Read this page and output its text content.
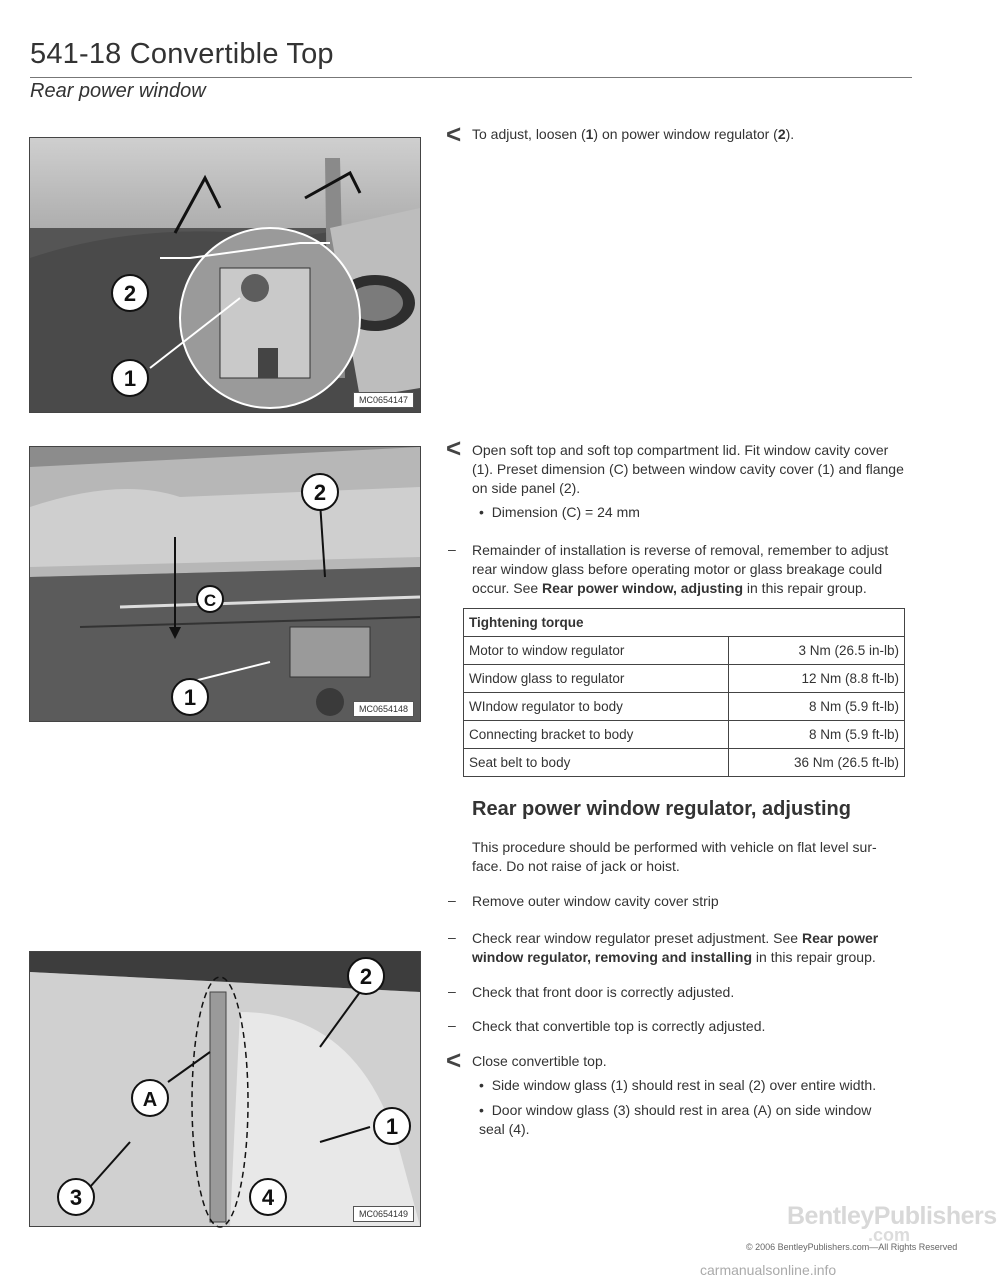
541-18 Convertible Top
Rear power window
2
1
MC0654147
2
C
1	MC0654148
2
A
1
3	4
MC0654149
< To adjust, loosen (1) on power window regulator (2).
< Open soft top and soft top compartment lid. Fit window cavity cover (1). Preset dimension (C) between window cavity cover (1) and flange on side panel (2).
•  Dimension (C) = 24 mm
– Remainder of installation is reverse of removal, remember to adjust rear window glass before operating motor or glass breakage could occur. See Rear power window, adjusting in this repair group.
Tightening torque	
Motor to window regulator	3 Nm (26.5 in-lb)
Window glass to regulator	12 Nm (8.8 ft-lb)
WIndow regulator to body	8 Nm (5.9 ft-lb)
Connecting bracket to body	8 Nm (5.9 ft-lb)
Seat belt to body	36 Nm (26.5 ft-lb)
Rear power window regulator, adjusting
This procedure should be performed with vehicle on flat level sur- face. Do not raise of jack or hoist.
– Remove outer window cavity cover strip
– Check rear window regulator preset adjustment. See Rear power window regulator, removing and installing in this repair group.
– Check that front door is correctly adjusted.
– Check that convertible top is correctly adjusted.
< Close convertible top.
•  Side window glass (1) should rest in seal (2) over entire width.
•  Door window glass (3) should rest in area (A) on side window seal (4).
BentleyPublishers
.com
© 2006 BentleyPublishers.com—All Rights Reserved
carmanualsonline.info
